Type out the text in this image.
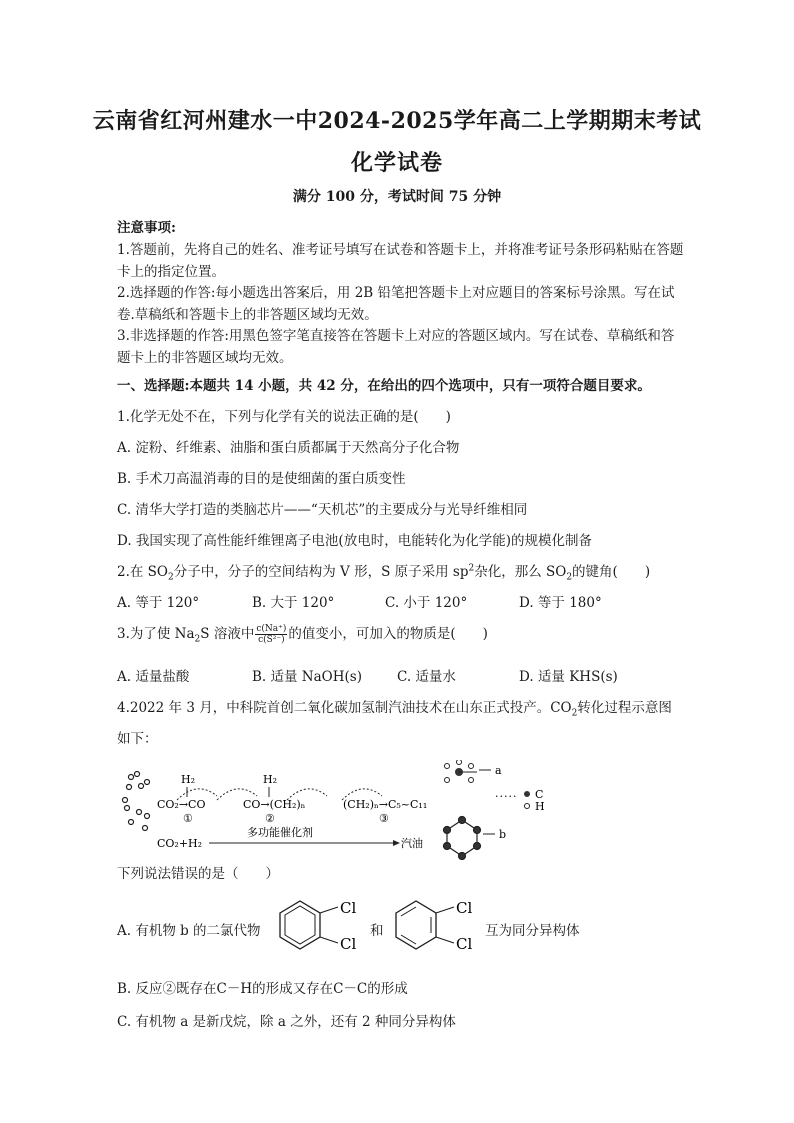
云南省红河州建水一中2024-2025学年高二上学期期末考试
化学试卷
满分 100 分，考试时间 75 分钟
注意事项:
1.答题前，先将自己的姓名、准考证号填写在试卷和答题卡上，并将准考证号条形码粘贴在答题卡上的指定位置。
2.选择题的作答:每小题选出答案后，用 2B 铅笔把答题卡上对应题目的答案标号涂黑。写在试卷.草稿纸和答题卡上的非答题区域均无效。
3.非选择题的作答:用黑色签字笔直接答在答题卡上对应的答题区域内。写在试卷、草稿纸和答题卡上的非答题区域均无效。
一、选择题:本题共 14 小题，共 42 分，在给出的四个选项中，只有一项符合题目要求。
1.化学无处不在，下列与化学有关的说法正确的是(　　)
A. 淀粉、纤维素、油脂和蛋白质都属于天然高分子化合物
B. 手术刀高温消毒的目的是使细菌的蛋白质变性
C. 清华大学打造的类脑芯片——“天机芯”的主要成分与光导纤维相同
D. 我国实现了高性能纤维锂离子电池(放电时，电能转化为化学能)的规模化制备
2.在 $SO_2$分子中，分子的空间结构为 V 形，S 原子采用 $sp^2$杂化，那么 $SO_2$的键角(　　)
A. 等于 120°	B. 大于 120°	C. 小于 120°	D. 等于 180°
3.为了使 $Na_2S$ 溶液中 $\frac{c(Na^+)}{\text{c(S²⁻)}}$ 的值变小，可加入的物质是(　　)
A. 适量盐酸	B. 适量 NaOH(s)	C. 适量水	D. 适量 KHS(s)
4.2022 年 3 月，中科院首创二氧化碳加氢制汽油技术在山东正式投产。$CO_2$转化过程示意图
如下：
H₂	H₂
CO₂→CO	CO→(CH₂)ₙ	(CH₂)ₙ→C₅~C₁₁
①	②	③
CO₂+H₂
多功能催化剂
汽油
a
b
····· C
H
下列说法错误的是（　　）
A. 有机物 b 的二氯代物
Cl
Cl
和
Cl
Cl
互为同分异构体
B. 反应②既存在C－H的形成又存在C－C的形成
C. 有机物 a 是新戊烷，除 a 之外，还有 2 种同分异构体
